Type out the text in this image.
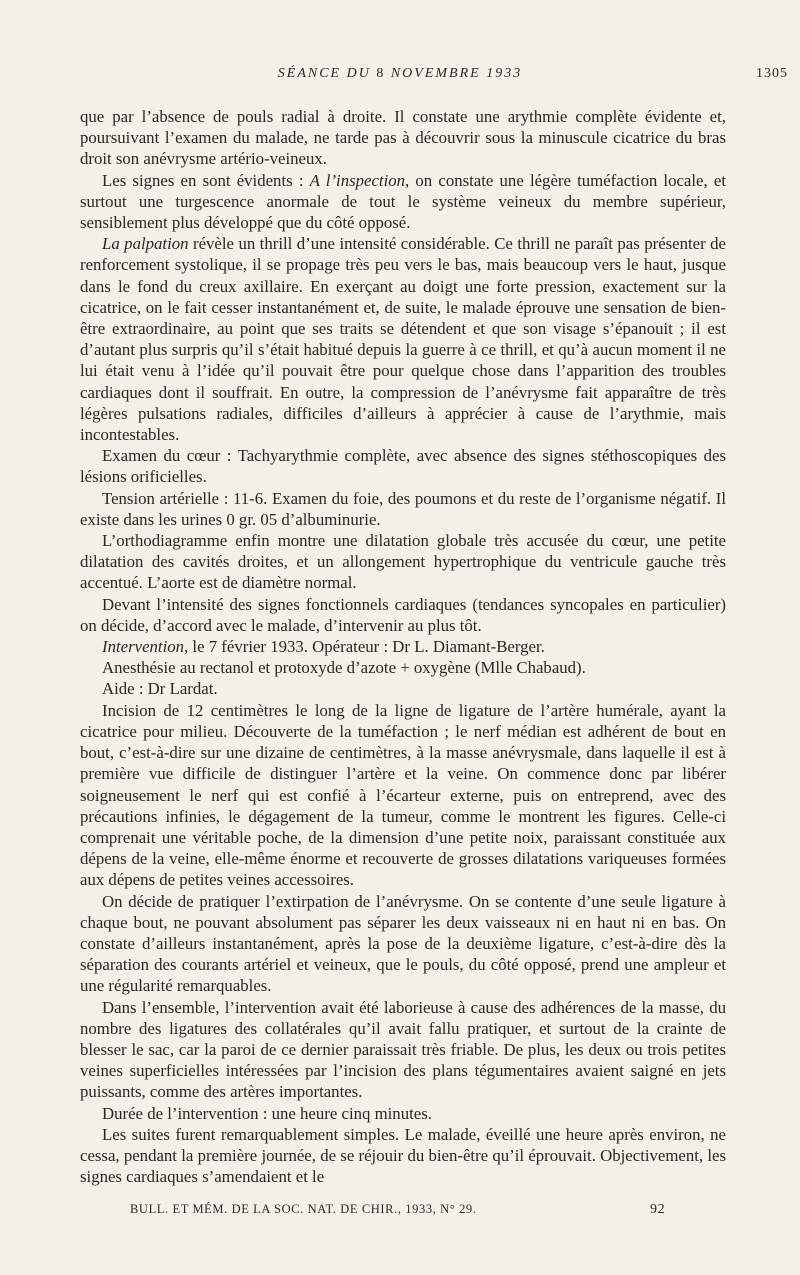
SÉANCE DU 8 NOVEMBRE 1933	1305

que par l’absence de pouls radial à droite. Il constate une arythmie complète évidente et, poursuivant l’examen du malade, ne tarde pas à découvrir sous la minuscule cicatrice du bras droit son anévrysme artério-veineux.

Les signes en sont évidents : A l’inspection, on constate une légère tuméfaction locale, et surtout une turgescence anormale de tout le système veineux du membre supérieur, sensiblement plus développé que du côté opposé.

La palpation révèle un thrill d’une intensité considérable. Ce thrill ne paraît pas présenter de renforcement systolique, il se propage très peu vers le bas, mais beaucoup vers le haut, jusque dans le fond du creux axillaire. En exerçant au doigt une forte pression, exactement sur la cicatrice, on le fait cesser instantanément et, de suite, le malade éprouve une sensation de bien-être extraordinaire, au point que ses traits se détendent et que son visage s’épanouit ; il est d’autant plus surpris qu’il s’était habitué depuis la guerre à ce thrill, et qu’à aucun moment il ne lui était venu à l’idée qu’il pouvait être pour quelque chose dans l’apparition des troubles cardiaques dont il souffrait. En outre, la compression de l’anévrysme fait apparaître de très légères pulsations radiales, difficiles d’ailleurs à apprécier à cause de l’arythmie, mais incontestables.

Examen du cœur : Tachyarythmie complète, avec absence des signes stéthoscopiques des lésions orificielles.

Tension artérielle : 11-6. Examen du foie, des poumons et du reste de l’organisme négatif. Il existe dans les urines 0 gr. 05 d’albuminurie.

L’orthodiagramme enfin montre une dilatation globale très accusée du cœur, une petite dilatation des cavités droites, et un allongement hypertrophique du ventricule gauche très accentué. L’aorte est de diamètre normal.

Devant l’intensité des signes fonctionnels cardiaques (tendances syncopales en particulier) on décide, d’accord avec le malade, d’intervenir au plus tôt.

Intervention, le 7 février 1933. Opérateur : Dr L. Diamant-Berger.

Anesthésie au rectanol et protoxyde d’azote + oxygène (Mlle Chabaud).

Aide : Dr Lardat.

Incision de 12 centimètres le long de la ligne de ligature de l’artère humérale, ayant la cicatrice pour milieu. Découverte de la tuméfaction ; le nerf médian est adhérent de bout en bout, c’est-à-dire sur une dizaine de centimètres, à la masse anévrysmale, dans laquelle il est à première vue difficile de distinguer l’artère et la veine. On commence donc par libérer soigneusement le nerf qui est confié à l’écarteur externe, puis on entreprend, avec des précautions infinies, le dégagement de la tumeur, comme le montrent les figures. Celle-ci comprenait une véritable poche, de la dimension d’une petite noix, paraissant constituée aux dépens de la veine, elle-même énorme et recouverte de grosses dilatations variqueuses formées aux dépens de petites veines accessoires.

On décide de pratiquer l’extirpation de l’anévrysme. On se contente d’une seule ligature à chaque bout, ne pouvant absolument pas séparer les deux vaisseaux ni en haut ni en bas. On constate d’ailleurs instantanément, après la pose de la deuxième ligature, c’est-à-dire dès la séparation des courants artériel et veineux, que le pouls, du côté opposé, prend une ampleur et une régularité remarquables.

Dans l’ensemble, l’intervention avait été laborieuse à cause des adhérences de la masse, du nombre des ligatures des collatérales qu’il avait fallu pratiquer, et surtout de la crainte de blesser le sac, car la paroi de ce dernier paraissait très friable. De plus, les deux ou trois petites veines superficielles intéressées par l’incision des plans tégumentaires avaient saigné en jets puissants, comme des artères importantes.

Durée de l’intervention : une heure cinq minutes.

Les suites furent remarquablement simples. Le malade, éveillé une heure après environ, ne cessa, pendant la première journée, de se réjouir du bien-être qu’il éprouvait. Objectivement, les signes cardiaques s’amendaient et le

BULL. ET MÉM. DE LA SOC. NAT. DE CHIR., 1933, N° 29.	92
